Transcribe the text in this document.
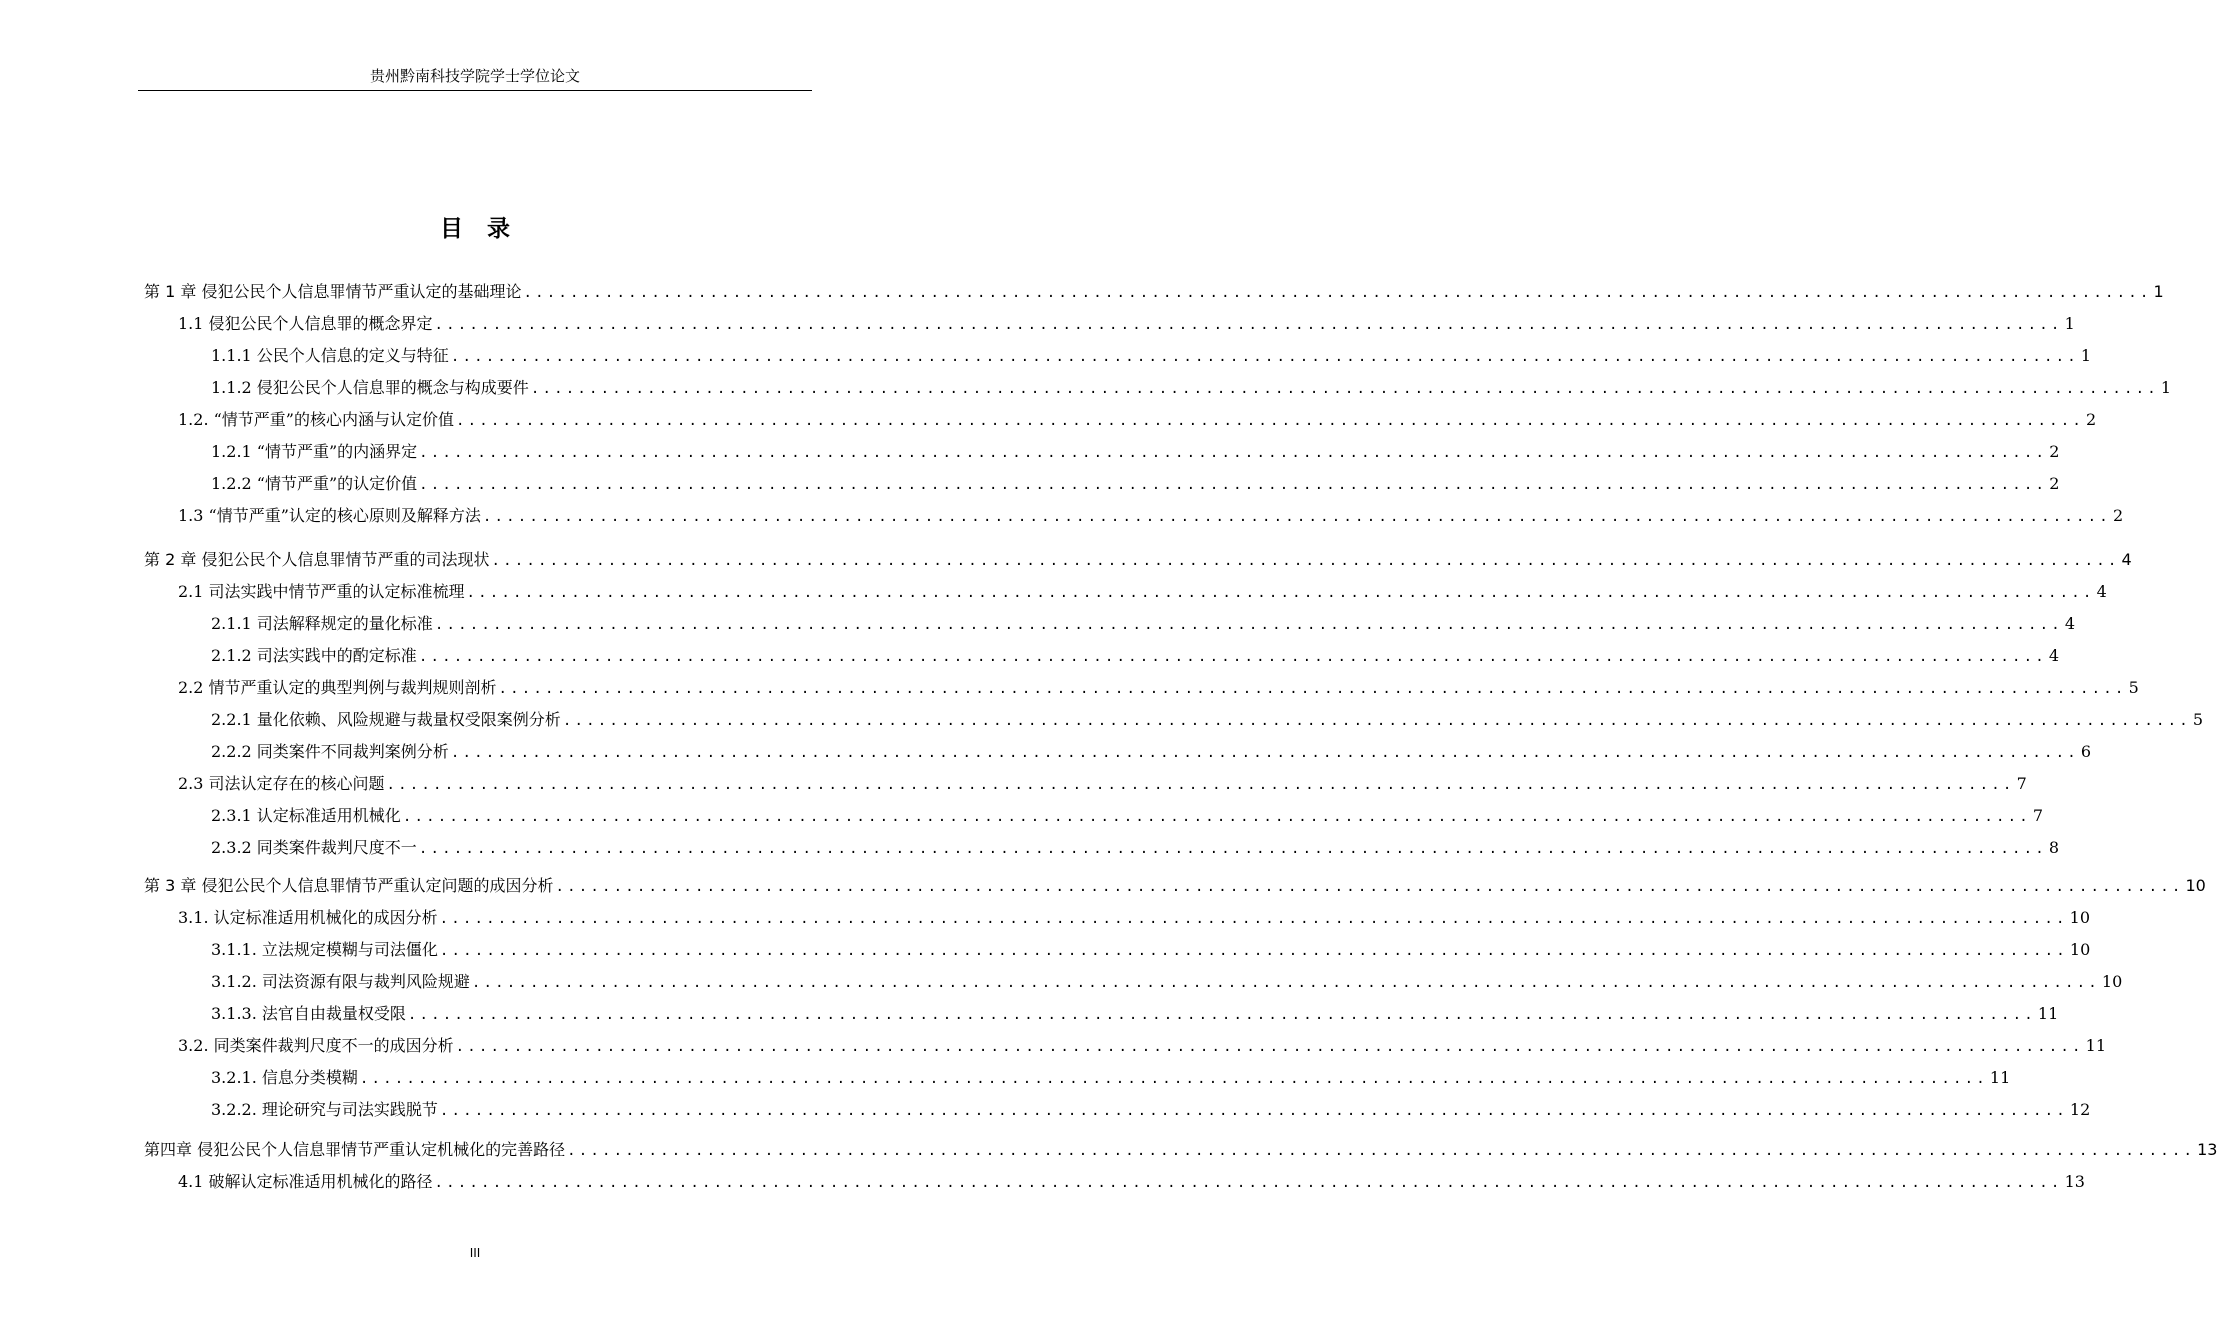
贵州黔南科技学院学士学位论文
目录
第 1 章 侵犯公民个人信息罪情节严重认定的基础理论 ............................................................................................................................................ 1
1.1 侵犯公民个人信息罪的概念界定 ............................................................................................................................................ 1
1.1.1 公民个人信息的定义与特征 ............................................................................................................................................ 1
1.1.2 侵犯公民个人信息罪的概念与构成要件 ............................................................................................................................................ 1
1.2. “情节严重”的核心内涵与认定价值 ............................................................................................................................................ 2
1.2.1 “情节严重”的内涵界定 ............................................................................................................................................ 2
1.2.2 “情节严重”的认定价值 ............................................................................................................................................ 2
1.3 “情节严重”认定的核心原则及解释方法 ............................................................................................................................................ 2
第 2 章 侵犯公民个人信息罪情节严重的司法现状 ............................................................................................................................................ 4
2.1 司法实践中情节严重的认定标准梳理 ............................................................................................................................................ 4
2.1.1 司法解释规定的量化标准 ............................................................................................................................................ 4
2.1.2 司法实践中的酌定标准 ............................................................................................................................................ 4
2.2 情节严重认定的典型判例与裁判规则剖析 ............................................................................................................................................ 5
2.2.1 量化依赖、风险规避与裁量权受限案例分析 ............................................................................................................................................ 5
2.2.2 同类案件不同裁判案例分析 ............................................................................................................................................ 6
2.3 司法认定存在的核心问题 ............................................................................................................................................ 7
2.3.1 认定标准适用机械化 ............................................................................................................................................ 7
2.3.2 同类案件裁判尺度不一 ............................................................................................................................................ 8
第 3 章 侵犯公民个人信息罪情节严重认定问题的成因分析 ............................................................................................................................................ 10
3.1. 认定标准适用机械化的成因分析 ............................................................................................................................................ 10
3.1.1. 立法规定模糊与司法僵化 ............................................................................................................................................ 10
3.1.2. 司法资源有限与裁判风险规避 ............................................................................................................................................ 10
3.1.3. 法官自由裁量权受限 ............................................................................................................................................ 11
3.2. 同类案件裁判尺度不一的成因分析 ............................................................................................................................................ 11
3.2.1. 信息分类模糊 ............................................................................................................................................ 11
3.2.2. 理论研究与司法实践脱节 ............................................................................................................................................ 12
第四章 侵犯公民个人信息罪情节严重认定机械化的完善路径 ............................................................................................................................................ 13
4.1 破解认定标准适用机械化的路径 ............................................................................................................................................ 13
III
